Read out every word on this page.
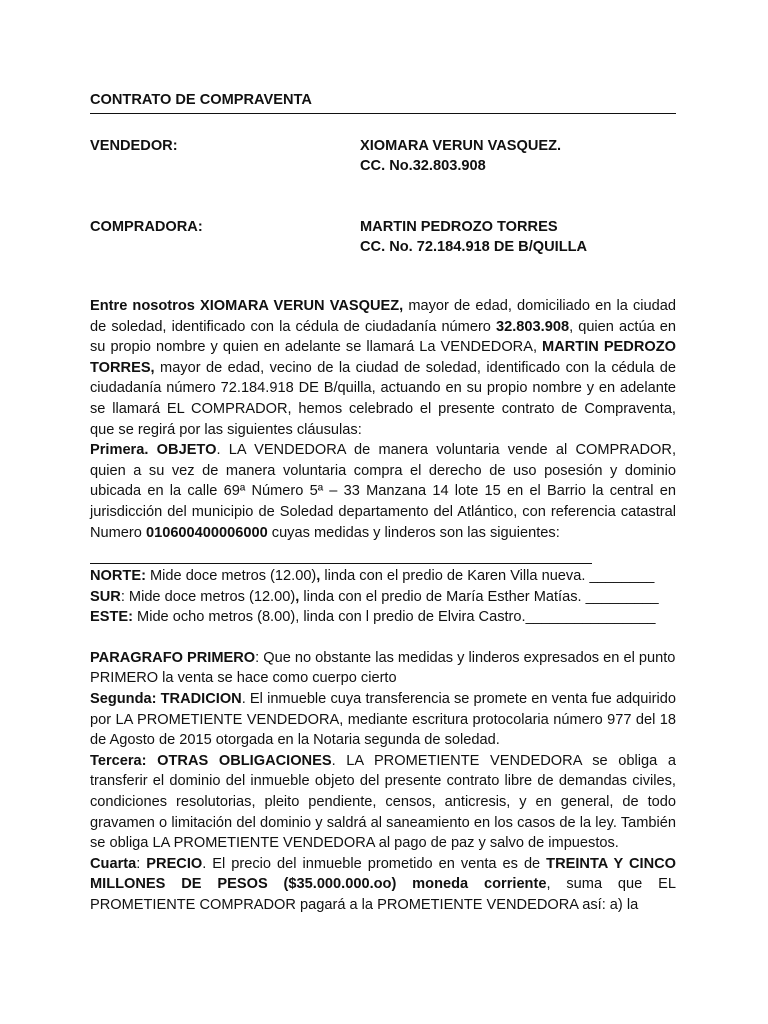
CONTRATO DE COMPRAVENTA
VENDEDOR:	XIOMARA VERUN VASQUEZ.
CC. No.32.803.908
COMPRADORA:	MARTIN PEDROZO TORRES
CC. No. 72.184.918 DE B/QUILLA

Entre nosotros XIOMARA VERUN VASQUEZ, mayor de edad, domiciliado en la ciudad de soledad, identificado con la cédula de ciudadanía número 32.803.908, quien actúa en su propio nombre y quien en adelante se llamará La VENDEDORA, MARTIN PEDROZO TORRES, mayor de edad, vecino de la ciudad de soledad, identificado con la cédula de ciudadanía número 72.184.918 DE B/quilla, actuando en su propio nombre y en adelante se llamará EL COMPRADOR, hemos celebrado el presente contrato de Compraventa, que se regirá por las siguientes cláusulas:

Primera. OBJETO. LA VENDEDORA de manera voluntaria vende al COMPRADOR, quien a su vez de manera voluntaria compra el derecho de uso posesión y dominio ubicada en la calle 69ª Número 5ª – 33 Manzana 14 lote 15 en el Barrio la central en jurisdicción del municipio de Soledad departamento del Atlántico, con referencia catastral Numero 010600400006000 cuyas medidas y linderos son las siguientes:

NORTE: Mide doce metros (12.00), linda con el predio de Karen Villa nueva. ________

SUR: Mide doce metros (12.00), linda con el predio de María Esther Matías. _________

ESTE: Mide ocho metros (8.00), linda con l predio de Elvira Castro.________________

PARAGRAFO PRIMERO: Que no obstante las medidas y linderos expresados en el punto PRIMERO la venta se hace como cuerpo cierto

Segunda: TRADICION. El inmueble cuya transferencia se promete en venta fue adquirido por LA PROMETIENTE VENDEDORA, mediante escritura protocolaria número 977 del 18 de Agosto de 2015 otorgada en la Notaria segunda de soledad.

Tercera: OTRAS OBLIGACIONES. LA PROMETIENTE VENDEDORA se obliga a transferir el dominio del inmueble objeto del presente contrato libre de demandas civiles, condiciones resolutorias, pleito pendiente, censos, anticresis, y en general, de todo gravamen o limitación del dominio y saldrá al saneamiento en los casos de la ley. También se obliga LA PROMETIENTE VENDEDORA al pago de paz y salvo de impuestos.

Cuarta: PRECIO. El precio del inmueble prometido en venta es de TREINTA Y CINCO MILLONES DE PESOS ($35.000.000.oo) moneda corriente, suma que EL PROMETIENTE COMPRADOR pagará a la PROMETIENTE VENDEDORA así: a) la
